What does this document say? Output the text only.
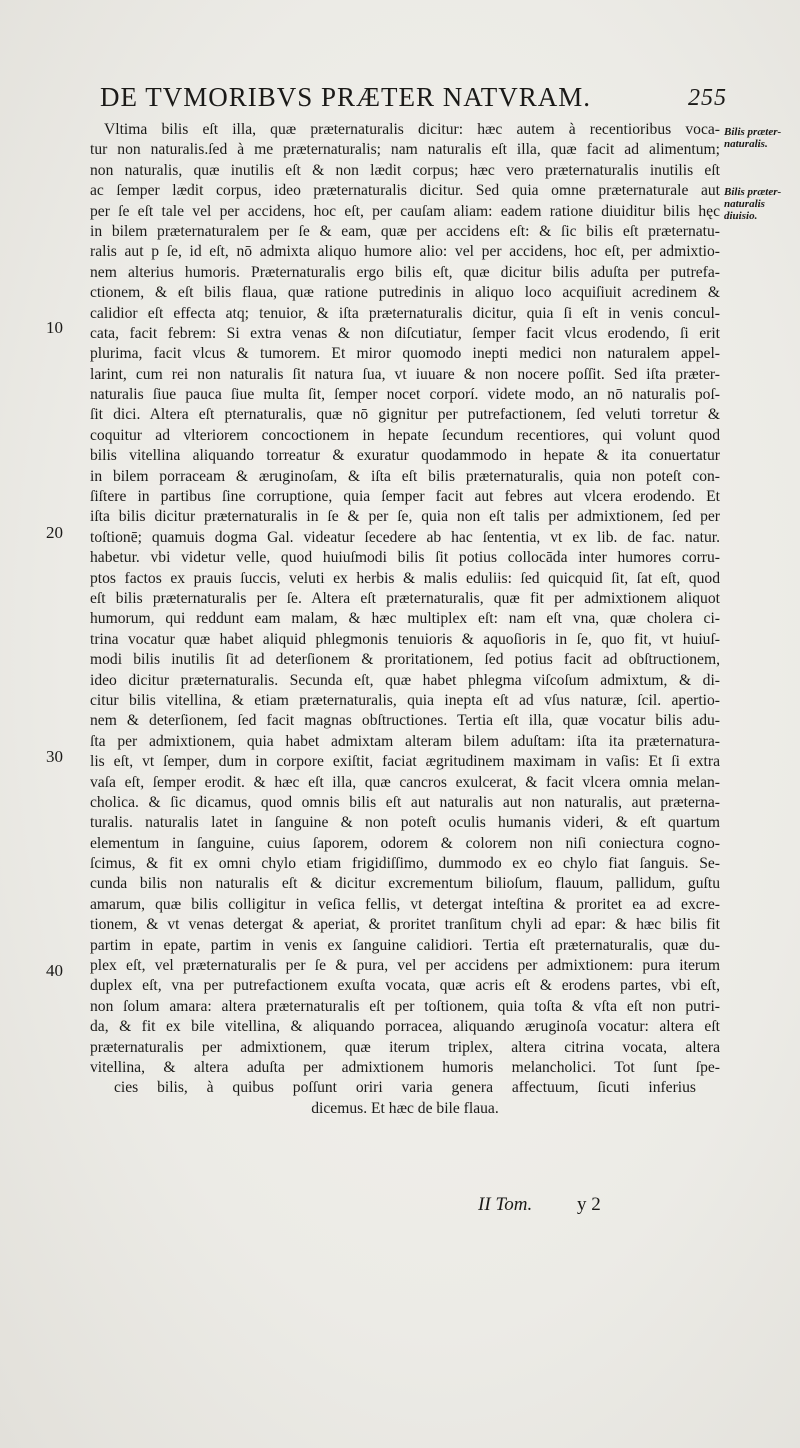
DE TVMORIBVS PRÆTER NATVRAM.	255
Bilis præter-naturalis.
Bilis præter-naturalis diuisio.
10
20
30
40
Vltima bilis eſt illa, quæ præternaturalis dicitur: hæc autem à recentioribus voca-
tur non naturalis.ſed à me præternaturalis; nam naturalis eſt illa, quæ facit ad alimentum;
non naturalis, quæ inutilis eſt & non lædit corpus; hæc vero præternaturalis inutilis eſt
ac ſemper lædit corpus, ideo præternaturalis dicitur. Sed quia omne præternaturale aut
per ſe eſt tale vel per accidens, hoc eſt, per cauſam aliam: eadem ratione diuiditur bilis hęc
in bilem præternaturalem per ſe & eam, quæ per accidens eſt: & ſic bilis eſt præternatu-
ralis aut p ſe, id eſt, nō admixta aliquo humore alio: vel per accidens, hoc eſt, per admixtio-
nem alterius humoris. Præternaturalis ergo bilis eſt, quæ dicitur bilis aduſta per putrefa-
ctionem, & eſt bilis flaua, quæ ratione putredinis in aliquo loco acquiſiuit acredinem &
calidior eſt effecta atq; tenuior, & iſta præternaturalis dicitur, quia ſi eſt in venis concul-
cata, facit febrem: Si extra venas & non diſcutiatur, ſemper facit vlcus erodendo, ſi erit
plurima, facit vlcus & tumorem. Et miror quomodo inepti medici non naturalem appel-
larint, cum rei non naturalis ſit natura ſua, vt iuuare & non nocere poſſit. Sed iſta præter-
naturalis ſiue pauca ſiue multa ſit, ſemper nocet corporí. videte modo, an nō naturalis poſ-
ſit dici. Altera eſt pternaturalis, quæ nō gignitur per putrefactionem, ſed veluti torretur &
coquitur ad vlteriorem concoctionem in hepate ſecundum recentiores, qui volunt quod
bilis vitellina aliquando torreatur & exuratur quodammodo in hepate & ita conuertatur
in bilem porraceam & æruginoſam, & iſta eſt bilis præternaturalis, quia non poteſt con-
ſiſtere in partibus ſine corruptione, quia ſemper facit aut febres aut vlcera erodendo. Et
iſta bilis dicitur præternaturalis in ſe & per ſe, quia non eſt talis per admixtionem, ſed per
toſtionē; quamuis dogma Gal. videatur ſecedere ab hac ſententia, vt ex lib. de fac. natur.
habetur. vbi videtur velle, quod huiuſmodi bilis ſit potius collocāda inter humores corru-
ptos factos ex prauis ſuccis, veluti ex herbis & malis eduliis: ſed quicquid ſit, ſat eſt, quod
eſt bilis præternaturalis per ſe. Altera eſt præternaturalis, quæ fit per admixtionem aliquot
humorum, qui reddunt eam malam, & hæc multiplex eſt: nam eſt vna, quæ cholera ci-
trina vocatur quæ habet aliquid phlegmonis tenuioris & aquoſioris in ſe, quo fit, vt huiuſ-
modi bilis inutilis ſit ad deterſionem & proritationem, ſed potius facit ad obſtructionem,
ideo dicitur præternaturalis. Secunda eſt, quæ habet phlegma viſcoſum admixtum, & di-
citur bilis vitellina, & etiam præternaturalis, quia inepta eſt ad vſus naturæ, ſcil. apertio-
nem & deterſionem, ſed facit magnas obſtructiones. Tertia eſt illa, quæ vocatur bilis adu-
ſta per admixtionem, quia habet admixtam alteram bilem aduſtam: iſta ita præternatura-
lis eſt, vt ſemper, dum in corpore exiſtit, faciat ægritudinem maximam in vaſis: Et ſi extra
vaſa eſt, ſemper erodit. & hæc eſt illa, quæ cancros exulcerat, & facit vlcera omnia melan-
cholica. & ſic dicamus, quod omnis bilis eſt aut naturalis aut non naturalis, aut præterna-
turalis. naturalis latet in ſanguine & non poteſt oculis humanis videri, & eſt quartum
elementum in ſanguine, cuius ſaporem, odorem & colorem non niſi coniectura cogno-
ſcimus, & fit ex omni chylo etiam frigidiſſimo, dummodo ex eo chylo fiat ſanguis. Se-
cunda bilis non naturalis eſt & dicitur excrementum bilioſum, flauum, pallidum, guſtu
amarum, quæ bilis colligitur in veſica fellis, vt detergat inteſtina & proritet ea ad excre-
tionem, & vt venas detergat & aperiat, & proritet tranſitum chyli ad epar: & hæc bilis fit
partim in epate, partim in venis ex ſanguine calidiori. Tertia eſt præternaturalis, quæ du-
plex eſt, vel præternaturalis per ſe & pura, vel per accidens per admixtionem: pura iterum
duplex eſt, vna per putrefactionem exuſta vocata, quæ acris eſt & erodens partes, vbi eſt,
non ſolum amara: altera præternaturalis eſt per toſtionem, quia toſta & vſta eſt non putri-
da, & fit ex bile vitellina, & aliquando porracea, aliquando æruginoſa vocatur: altera eſt
præternaturalis per admixtionem, quæ iterum triplex, altera citrina vocata, altera
vitellina, & altera aduſta per admixtionem humoris melancholici. Tot ſunt ſpe-
cies bilis, à quibus poſſunt oriri varia genera affectuum, ſicuti inferius
dicemus. Et hæc de bile flaua.
II Tom. y 2
